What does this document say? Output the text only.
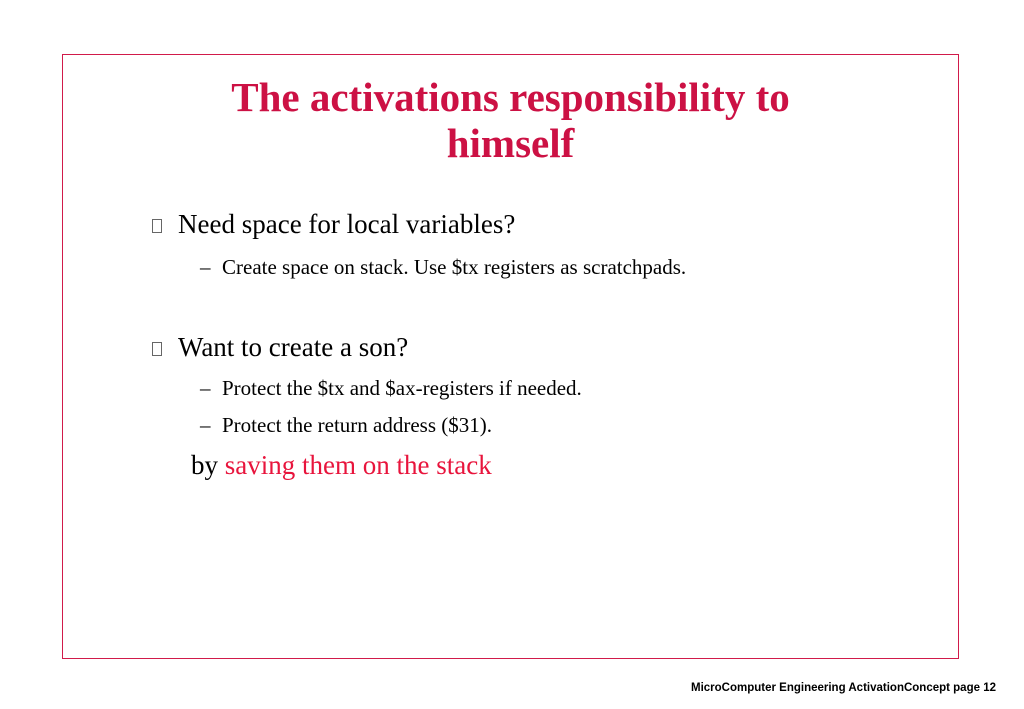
The activations responsibility to
himself
Need space for local variables?
– Create space on stack. Use $tx registers as scratchpads.
Want to create a son?
– Protect the $tx and $ax-registers if needed.
– Protect the return address ($31).
by saving them on the stack
MicroComputer Engineering ActivationConcept page 12
